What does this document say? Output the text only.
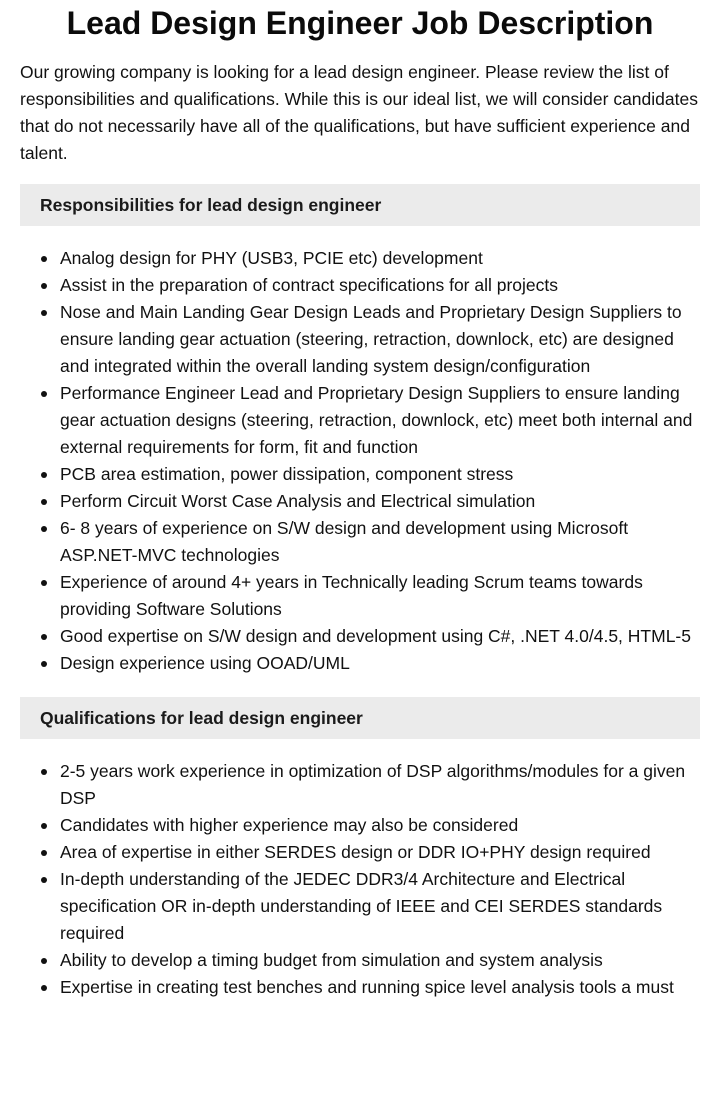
Lead Design Engineer Job Description

Our growing company is looking for a lead design engineer. Please review the list of responsibilities and qualifications. While this is our ideal list, we will consider candidates that do not necessarily have all of the qualifications, but have sufficient experience and talent.

Responsibilities for lead design engineer
Analog design for PHY (USB3, PCIE etc) development
Assist in the preparation of contract specifications for all projects
Nose and Main Landing Gear Design Leads and Proprietary Design Suppliers to ensure landing gear actuation (steering, retraction, downlock, etc) are designed and integrated within the overall landing system design/configuration
Performance Engineer Lead and Proprietary Design Suppliers to ensure landing gear actuation designs (steering, retraction, downlock, etc) meet both internal and external requirements for form, fit and function
PCB area estimation, power dissipation, component stress
Perform Circuit Worst Case Analysis and Electrical simulation
6- 8 years of experience on S/W design and development using Microsoft ASP.NET-MVC technologies
Experience of around 4+ years in Technically leading Scrum teams towards providing Software Solutions
Good expertise on S/W design and development using C#, .NET 4.0/4.5, HTML-5
Design experience using OOAD/UML
Qualifications for lead design engineer
2-5 years work experience in optimization of DSP algorithms/modules for a given DSP
Candidates with higher experience may also be considered
Area of expertise in either SERDES design or DDR IO+PHY design required
In-depth understanding of the JEDEC DDR3/4 Architecture and Electrical specification OR in-depth understanding of IEEE and CEI SERDES standards required
Ability to develop a timing budget from simulation and system analysis
Expertise in creating test benches and running spice level analysis tools a must
